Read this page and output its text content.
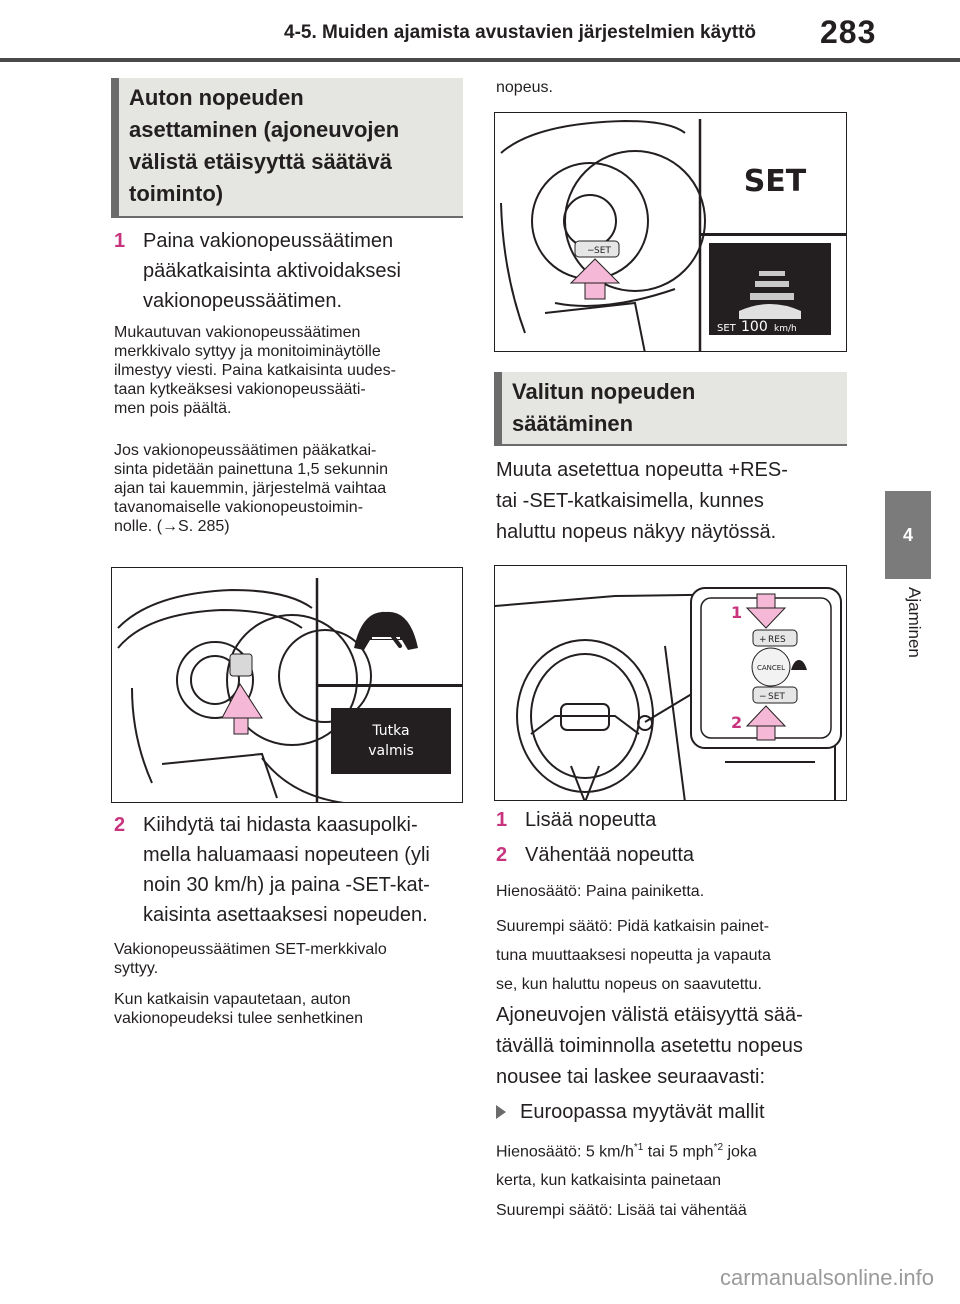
4-5. Muiden ajamista avustavien järjestelmien käyttö 283
4
Ajaminen
Auton nopeuden
asettaminen (ajoneuvojen
välistä etäisyyttä säätävä
toiminto)
1 Paina vakionopeussäätimen
pääkatkaisinta aktivoidaksesi
vakionopeussäätimen.
Mukautuvan vakionopeussäätimen
merkkivalo syttyy ja monitoiminäytölle
ilmestyy viesti. Paina katkaisinta uudes-
taan kytkeäksesi vakionopeussääti-
men pois päältä.
Jos vakionopeussäätimen pääkatkai-
sinta pidetään painettuna 1,5 sekunnin
ajan tai kauemmin, järjestelmä vaihtaa
tavanomaiselle vakionopeustoimin-
nolle. (→S. 285)
Tutka
valmis
2 Kiihdytä tai hidasta kaasupolki-
mella haluamaasi nopeuteen (yli
noin 30 km/h) ja paina -SET-kat-
kaisinta asettaaksesi nopeuden.
Vakionopeussäätimen SET-merkkivalo
syttyy.
Kun katkaisin vapautetaan, auton
vakionopeudeksi tulee senhetkinen
nopeus.
SET
SET 100 km/h
− SET
Valitun nopeuden
säätäminen
Muuta asetettua nopeutta +RES-
tai -SET-katkaisimella, kunnes
haluttu nopeus näkyy näytössä.
+ RES
CANCEL
− SET
1
2
1 Lisää nopeutta
2 Vähentää nopeutta
Hienosäätö: Paina painiketta.
Suurempi säätö: Pidä katkaisin painet-
tuna muuttaaksesi nopeutta ja vapauta
se, kun haluttu nopeus on saavutettu.
Ajoneuvojen välistä etäisyyttä sää-
tävällä toiminnolla asetettu nopeus
nousee tai laskee seuraavasti:
Euroopassa myytävät mallit
Hienosäätö: 5 $km/h^{*1}$ tai 5 mph$^{*2}$ joka
kerta, kun katkaisinta painetaan
Suurempi säätö: Lisää tai vähentää
carmanualsonline.info
